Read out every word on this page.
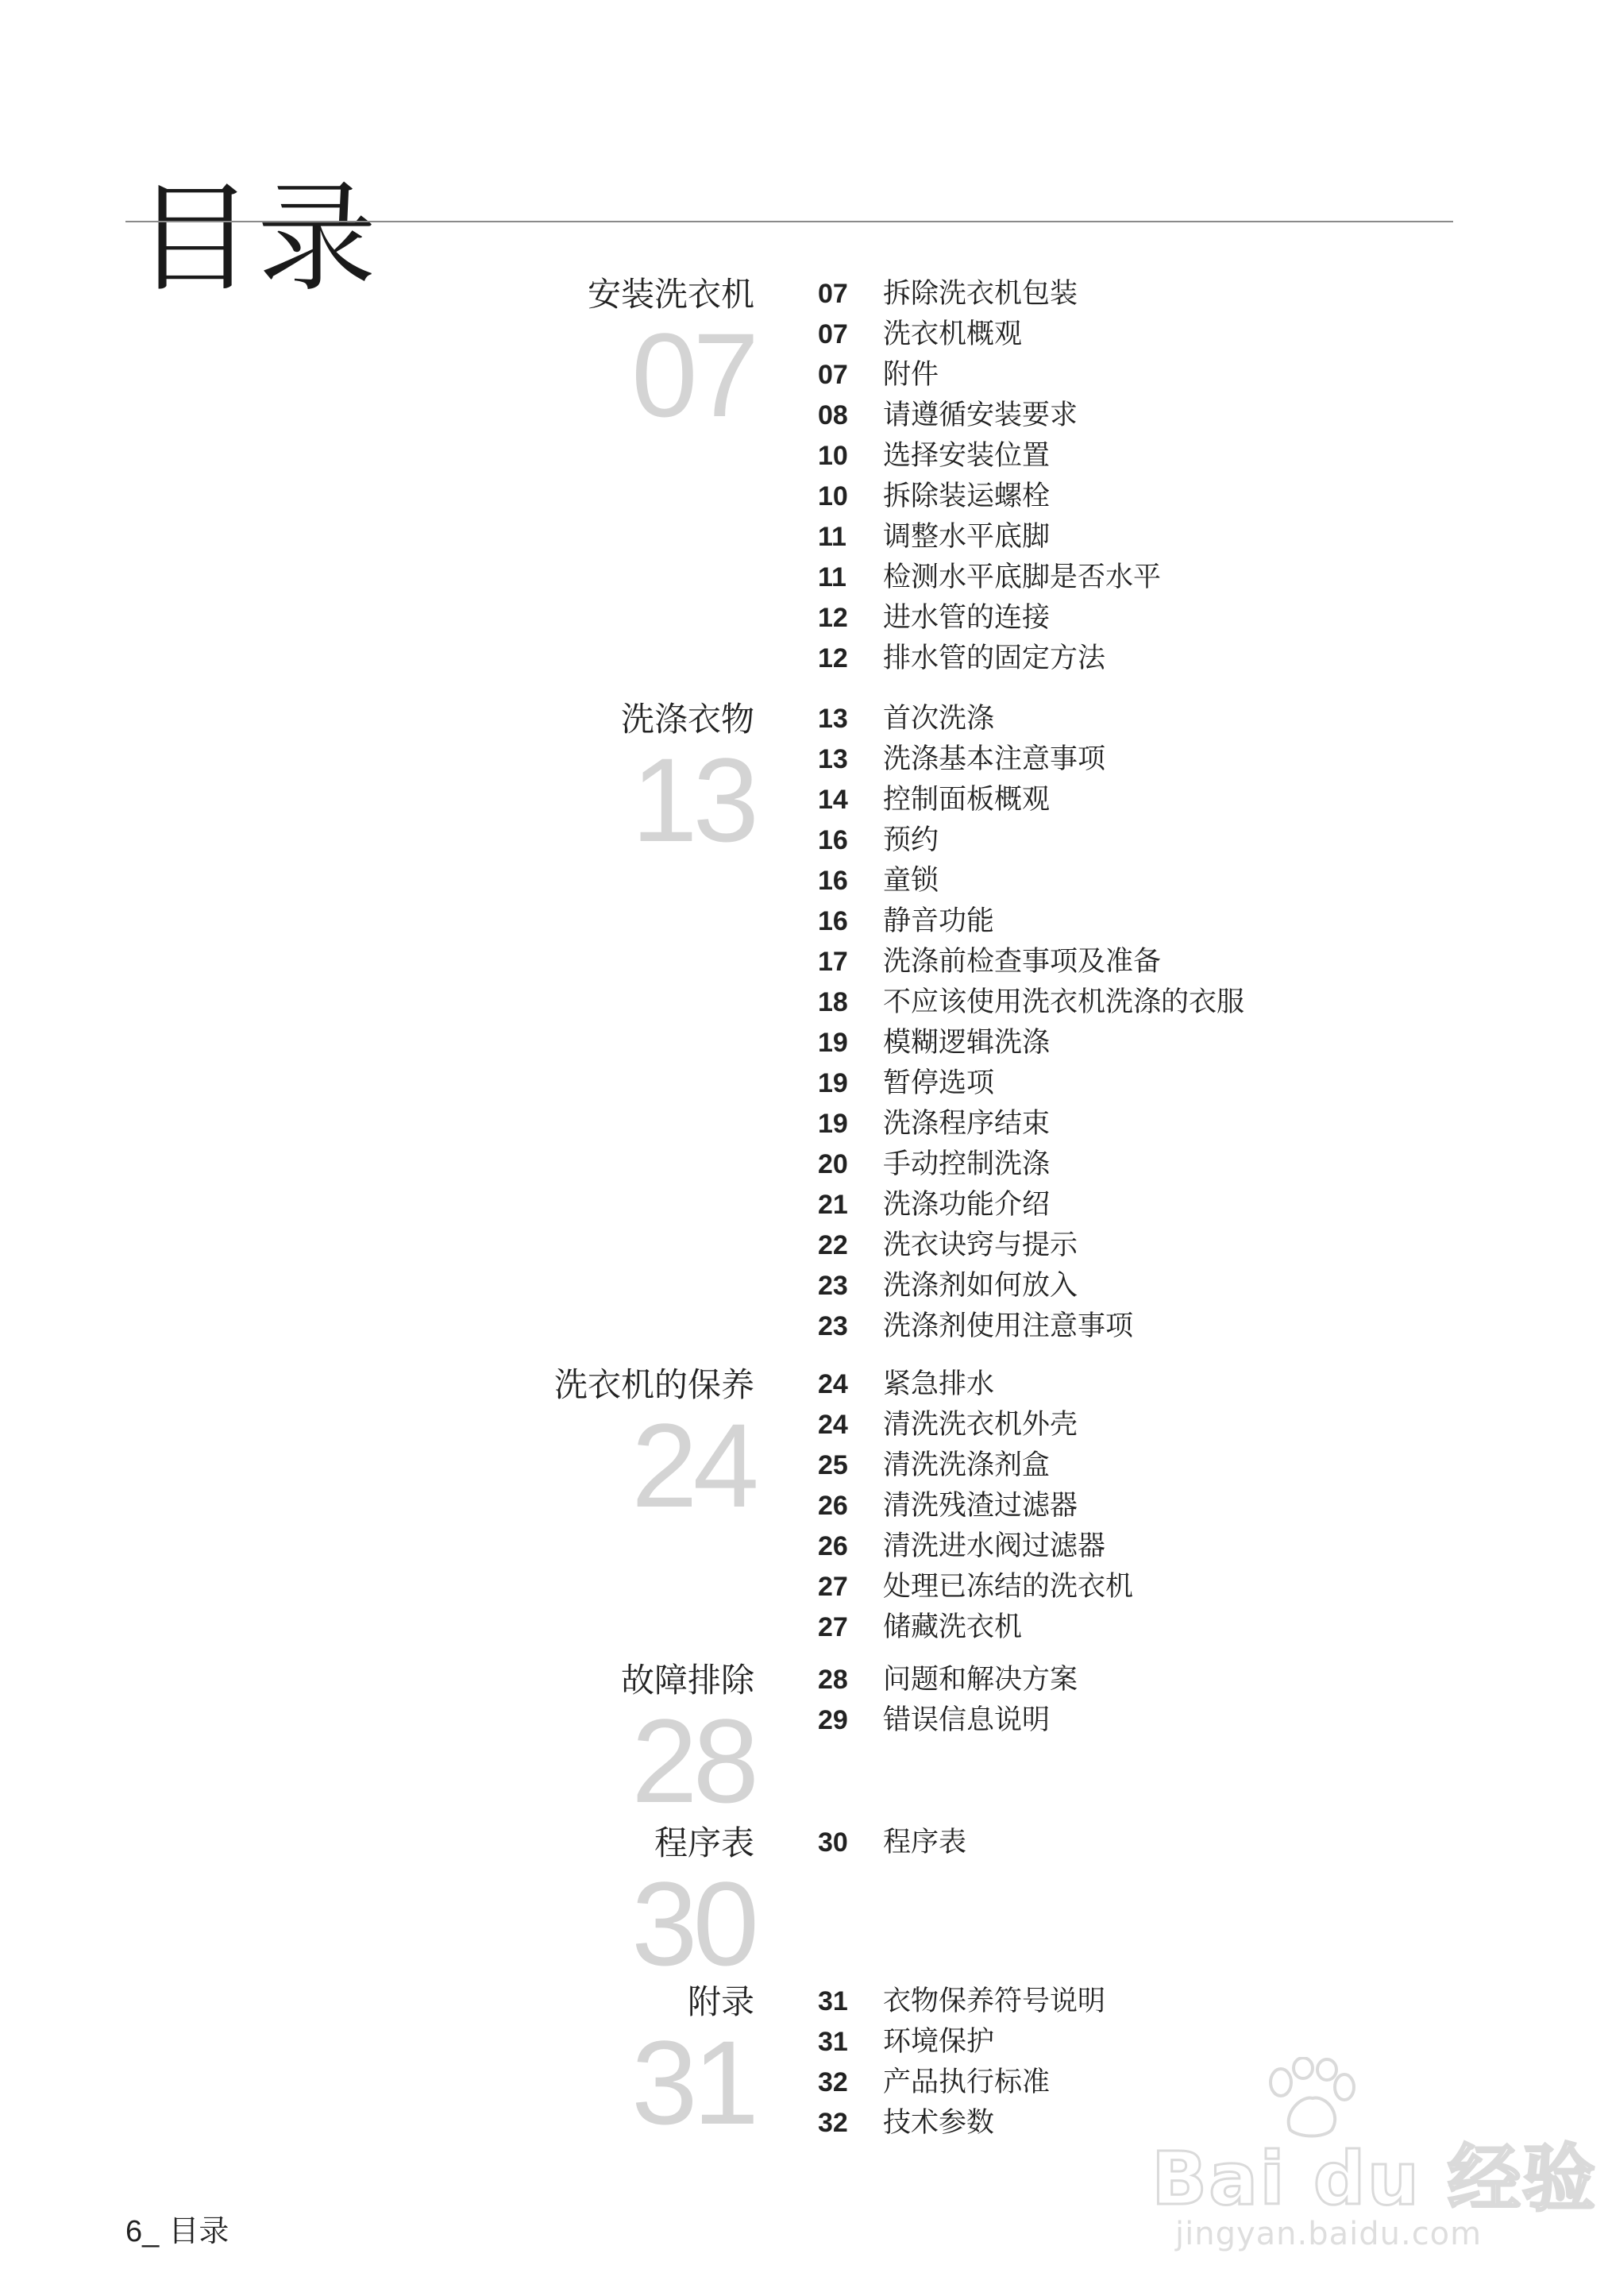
目录	安装洗衣机
07
07 拆除洗衣机包装
07 洗衣机概观
07 附件
08 请遵循安装要求
10 选择安装位置
10 拆除装运螺栓
11 调整水平底脚
11 检测水平底脚是否水平
12 进水管的连接
12 排水管的固定方法
洗涤衣物
13
13 首次洗涤
13 洗涤基本注意事项
14 控制面板概观
16 预约
16 童锁
16 静音功能
17 洗涤前检查事项及准备
18 不应该使用洗衣机洗涤的衣服
19 模糊逻辑洗涤
19 暂停选项
19 洗涤程序结束
20 手动控制洗涤
21 洗涤功能介绍
22 洗衣诀窍与提示
23 洗涤剂如何放入
23 洗涤剂使用注意事项
洗衣机的保养
24
24 紧急排水
24 清洗洗衣机外壳
25 清洗洗涤剂盒
26 清洗残渣过滤器
26 清洗进水阀过滤器
27 处理已冻结的洗衣机
27 储藏洗衣机
故障排除
28
28 问题和解决方案
29 错误信息说明
程序表
30
30 程序表
附录
31
31 衣物保养符号说明
31 环境保护
32 产品执行标准
32 技术参数
6_ 目录
Bai du 经验
jingyan.baidu.com
